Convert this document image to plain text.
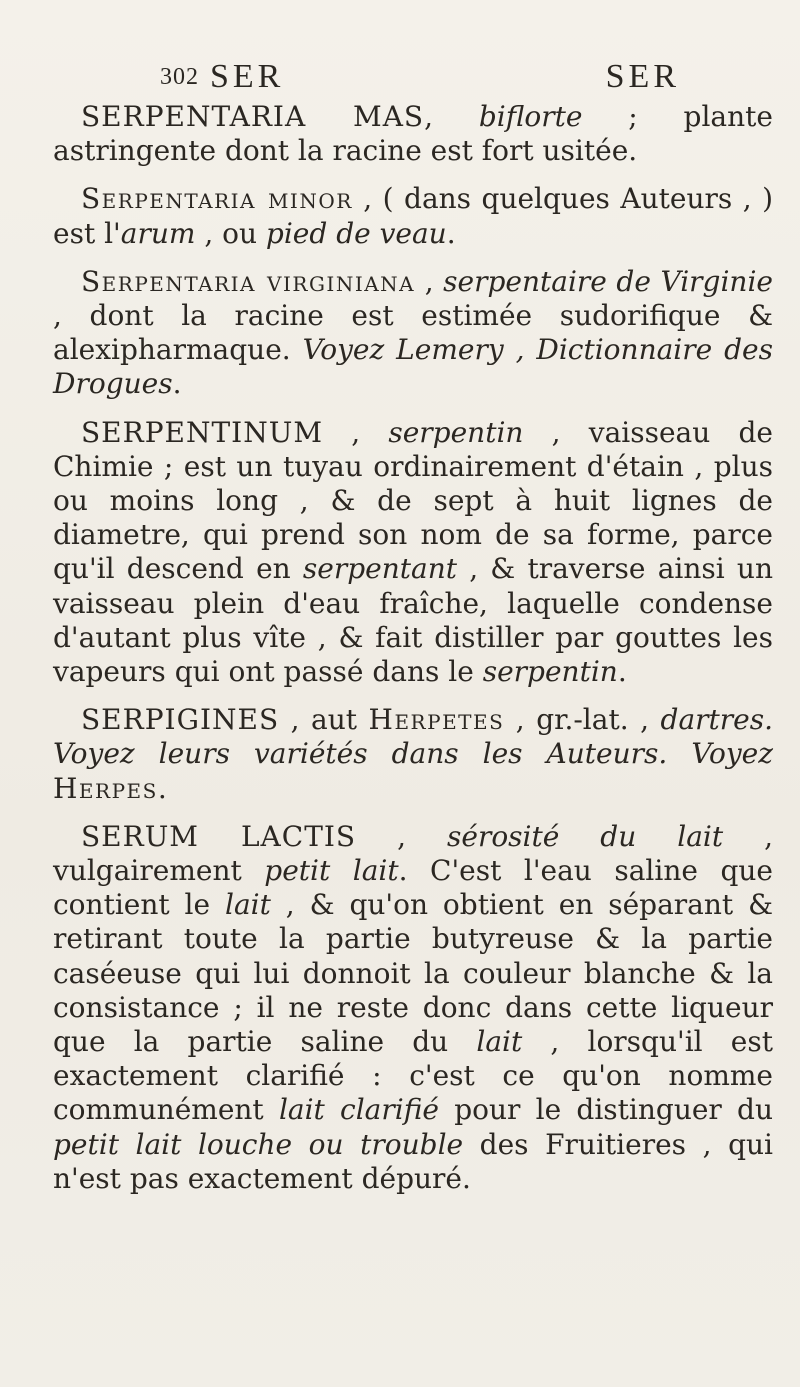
302 SER	SER

SERPENTARIA MAS, biflorte ; plante astringente dont la racine est fort usitée.

Serpentaria minor , ( dans quelques Auteurs , ) est l'arum , ou pied de veau.

Serpentaria virginiana , serpentaire de Virginie , dont la racine est estimée sudorifique & alexipharmaque. Voyez Lemery , Dictionnaire des Drogues.

SERPENTINUM , serpentin , vaisseau de Chimie ; est un tuyau ordinairement d'étain , plus ou moins long , & de sept à huit lignes de diametre, qui prend son nom de sa forme, parce qu'il descend en serpentant , & traverse ainsi un vaisseau plein d'eau fraîche, laquelle condense d'autant plus vîte , & fait distiller par gouttes les vapeurs qui ont passé dans le serpentin.

SERPIGINES , aut Herpetes , gr.-lat. , dartres. Voyez leurs variétés dans les Auteurs. Voyez Herpes.

SERUM LACTIS , sérosité du lait , vulgairement petit lait. C'est l'eau saline que contient le lait , & qu'on obtient en séparant & retirant toute la partie butyreuse & la partie caséeuse qui lui donnoit la couleur blanche & la consistance ; il ne reste donc dans cette liqueur que la partie saline du lait , lorsqu'il est exactement clarifié : c'est ce qu'on nomme communément lait clarifié pour le distinguer du petit lait louche ou trouble des Fruitieres , qui n'est pas exactement dépuré.
